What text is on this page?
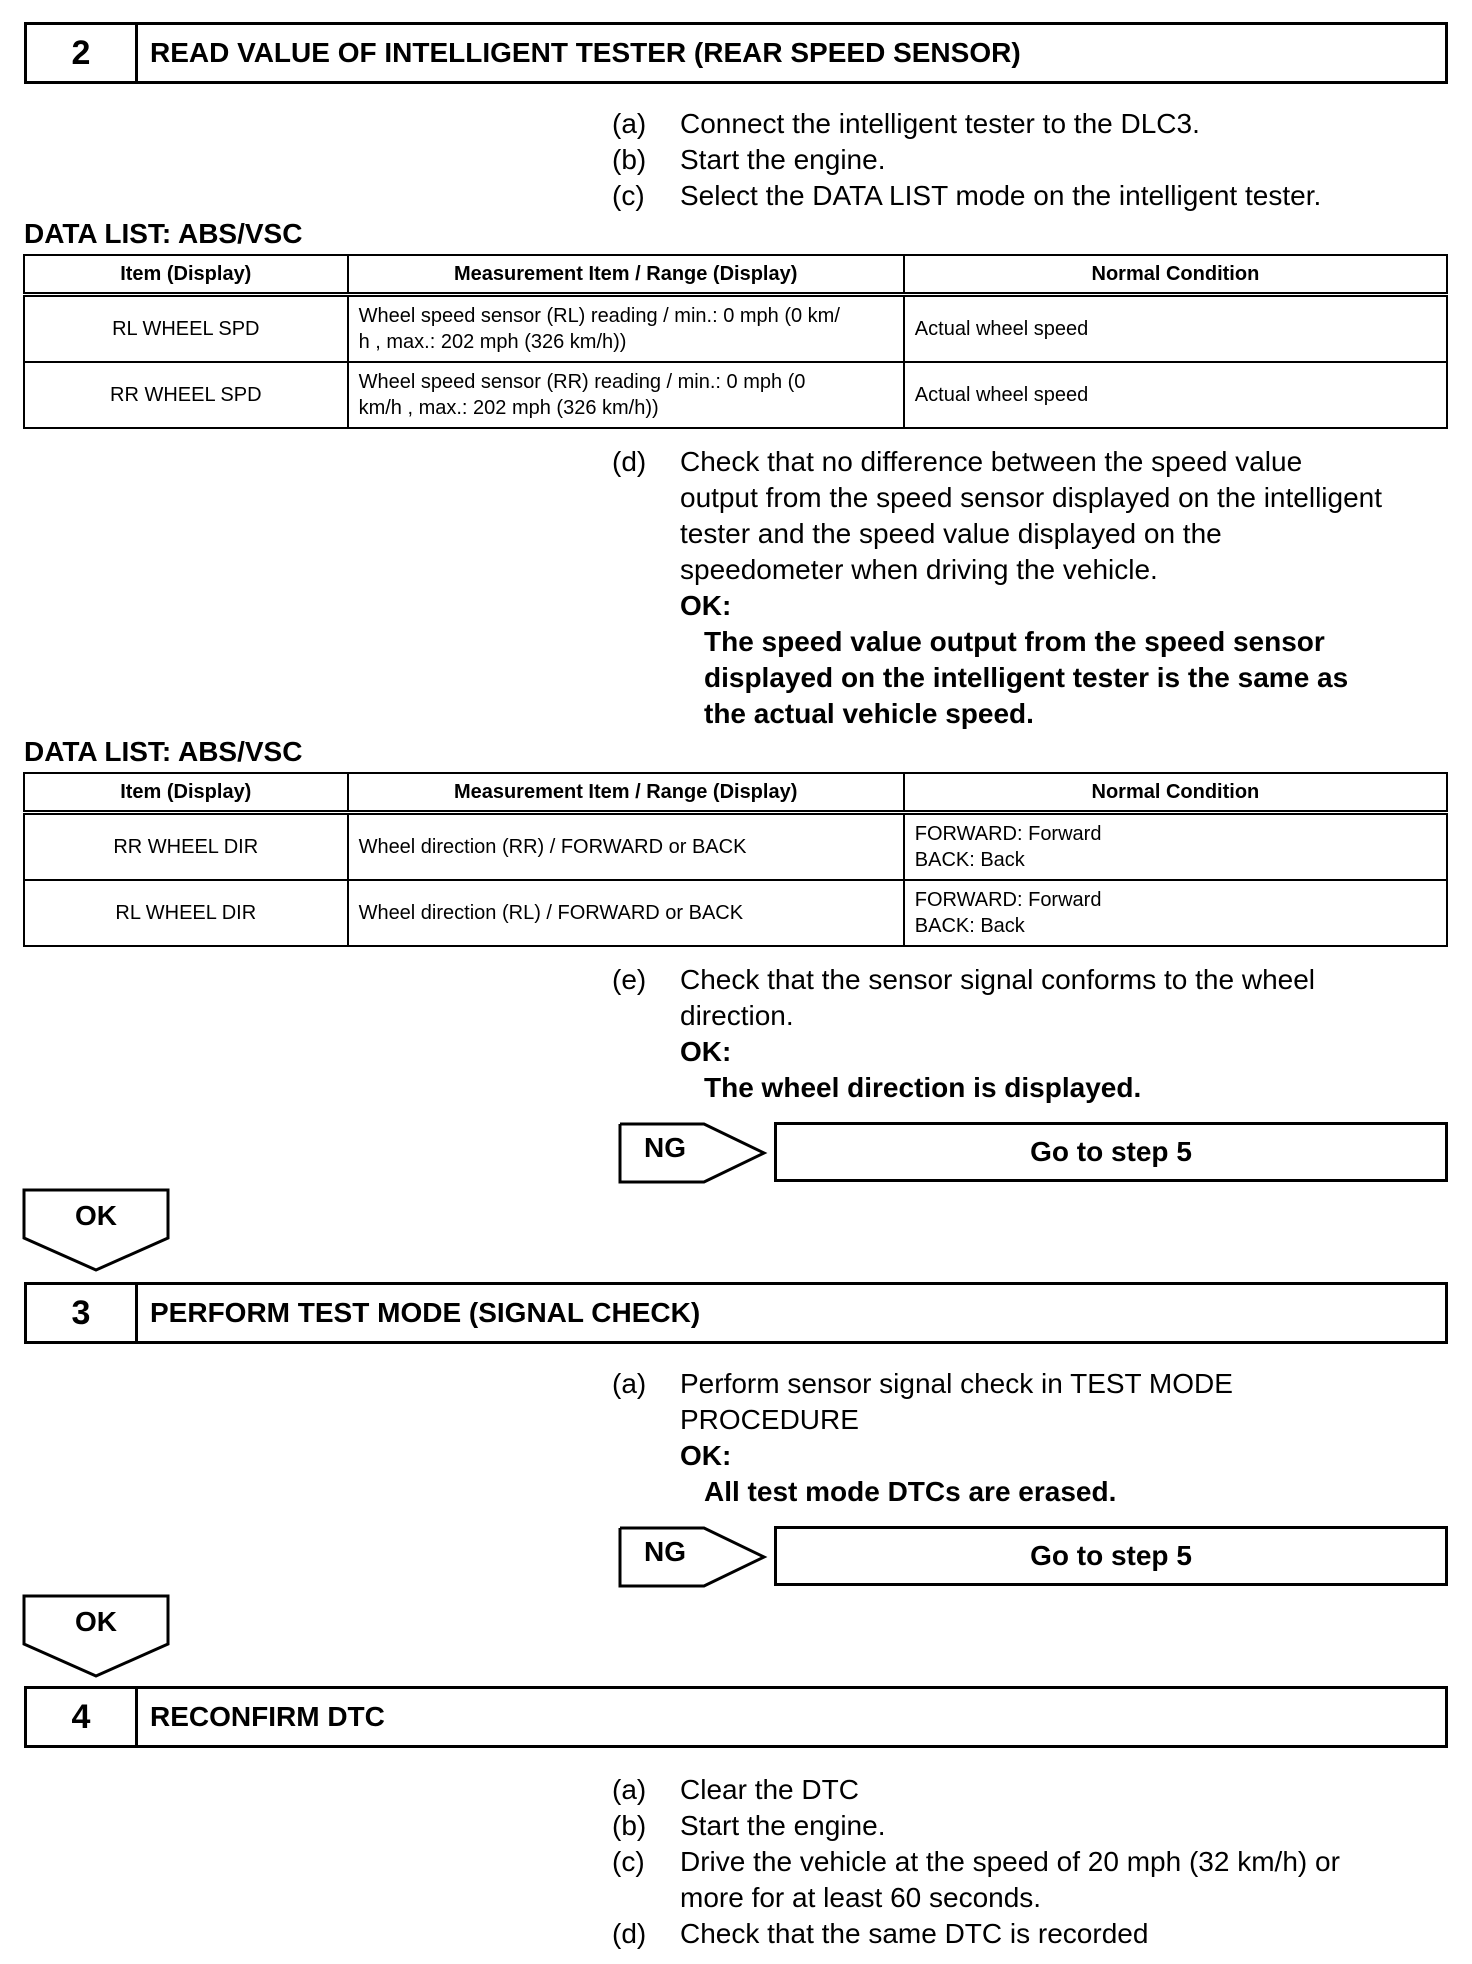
2	READ VALUE OF INTELLIGENT TESTER (REAR SPEED SENSOR)
(a)	Connect the intelligent tester to the DLC3.
(b)	Start the engine.
(c)	Select the DATA LIST mode on the intelligent tester.
DATA LIST: ABS/VSC
Item (Display)	Measurement Item / Range (Display)	Normal Condition
RL WHEEL SPD	Wheel speed sensor (RL) reading / min.: 0 mph (0 km/
h , max.: 202 mph (326 km/h))	Actual wheel speed

RR WHEEL SPD	Wheel speed sensor (RR) reading / min.: 0 mph (0
km/h , max.: 202 mph (326 km/h))	Actual wheel speed
(d)	Check that no difference between the speed value
output from the speed sensor displayed on the intelligent
tester and the speed value displayed on the
speedometer when driving the vehicle.
OK:
The speed value output from the speed sensor
displayed on the intelligent tester is the same as
the actual vehicle speed.
DATA LIST: ABS/VSC
Item (Display)	Measurement Item / Range (Display)	Normal Condition
RR WHEEL DIR	Wheel direction (RR) / FORWARD or BACK	FORWARD: Forward
BACK: Back

RL WHEEL DIR	Wheel direction (RL) / FORWARD or BACK	FORWARD: Forward
BACK: Back
(e)	Check that the sensor signal conforms to the wheel
direction.
OK:
The wheel direction is displayed.
NG	Go to step 5
OK
3	PERFORM TEST MODE (SIGNAL CHECK)
(a)	Perform sensor signal check in TEST MODE
PROCEDURE
OK:
All test mode DTCs are erased.
NG	Go to step 5
OK
4	RECONFIRM DTC
(a)	Clear the DTC
(b)	Start the engine.
(c)	Drive the vehicle at the speed of 20 mph (32 km/h) or
more for at least 60 seconds.
(d)	Check that the same DTC is recorded
